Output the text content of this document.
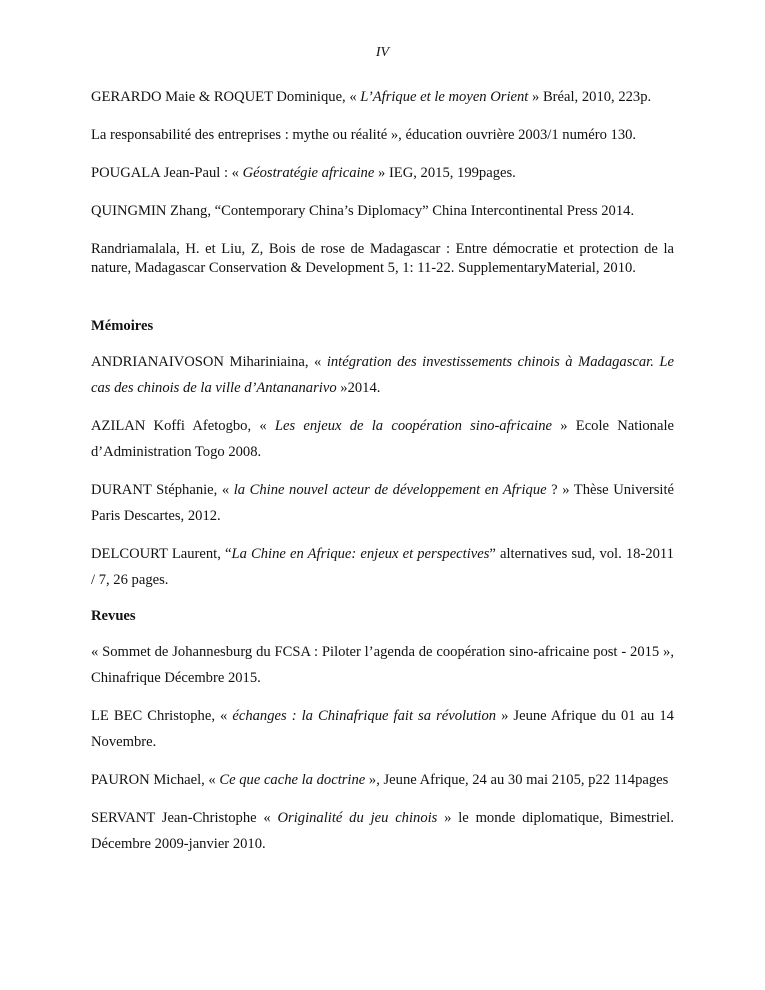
IV

GERARDO Maie & ROQUET Dominique, « L’Afrique et le moyen Orient » Bréal, 2010, 223p.

La responsabilité des entreprises : mythe ou réalité », éducation ouvrière 2003/1 numéro 130.

POUGALA Jean-Paul : « Géostratégie africaine » IEG, 2015, 199pages.

QUINGMIN Zhang, “Contemporary China’s Diplomacy” China Intercontinental Press 2014.

Randriamalala, H. et Liu, Z, Bois de rose de Madagascar : Entre démocratie et protection de la nature, Madagascar Conservation & Development 5, 1: 11-22. SupplementaryMaterial, 2010.

Mémoires

ANDRIANAIVOSON Mihariniaina, « intégration des investissements chinois à Madagascar. Le cas des chinois de la ville d’Antananarivo »2014.

AZILAN Koffi Afetogbo, « Les enjeux de la coopération sino-africaine » Ecole Nationale d’Administration Togo 2008.

DURANT Stéphanie, « la Chine nouvel acteur de développement en Afrique ? » Thèse Université Paris Descartes, 2012.

DELCOURT Laurent, “La Chine en Afrique: enjeux et perspectives” alternatives sud, vol. 18-2011 / 7, 26 pages.

Revues

« Sommet de Johannesburg du FCSA : Piloter l’agenda de coopération sino-africaine post - 2015 », Chinafrique Décembre 2015.

LE BEC Christophe, « échanges : la Chinafrique fait sa révolution » Jeune Afrique du 01 au 14 Novembre.

PAURON Michael, « Ce que cache la doctrine », Jeune Afrique, 24 au 30 mai 2105, p22 114pages

SERVANT Jean-Christophe « Originalité du jeu chinois » le monde diplomatique, Bimestriel. Décembre 2009-janvier 2010.
